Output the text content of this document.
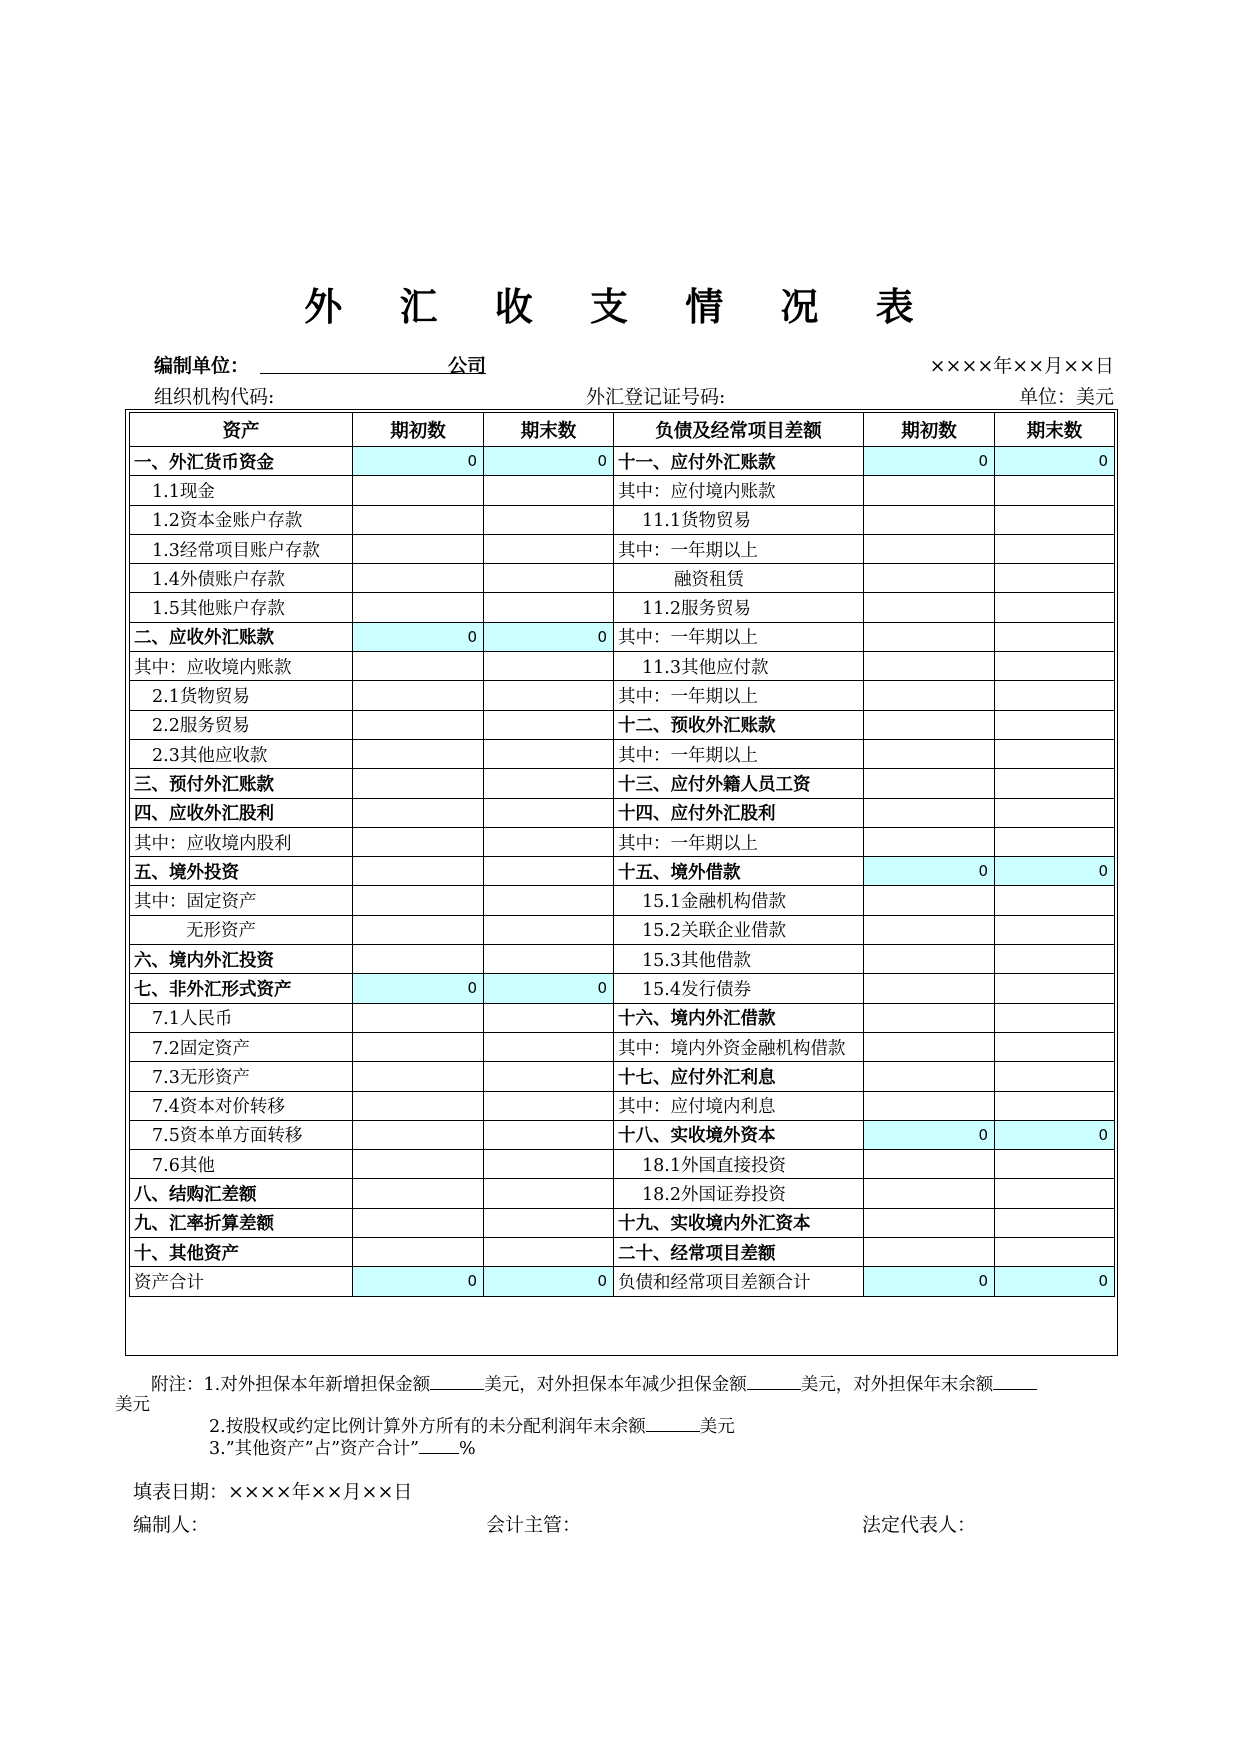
外 汇 收 支 情 况 表
编制单位：	公司	××××年××月××日
组织机构代码:	外汇登记证号码:	单位：美元
资产	期初数	期末数	负债及经常项目差额	期初数	期末数
一、外汇货币资金	0	0	十一、应付外汇账款	0	0
1.1现金			其中：应付境内账款		
1.2资本金账户存款			11.1货物贸易		
1.3经常项目账户存款			其中：一年期以上		
1.4外债账户存款			融资租赁		
1.5其他账户存款			11.2服务贸易		
二、应收外汇账款	0	0	其中：一年期以上		
其中：应收境内账款			11.3其他应付款		
2.1货物贸易			其中：一年期以上		
2.2服务贸易			十二、预收外汇账款		
2.3其他应收款			其中：一年期以上		
三、预付外汇账款			十三、应付外籍人员工资		
四、应收外汇股利			十四、应付外汇股利		
其中：应收境内股利			其中：一年期以上		
五、境外投资			十五、境外借款	0	0
其中：固定资产			15.1金融机构借款		
无形资产			15.2关联企业借款		
六、境内外汇投资			15.3其他借款		
七、非外汇形式资产	0	0	15.4发行债券		
7.1人民币			十六、境内外汇借款		
7.2固定资产			其中：境内外资金融机构借款		
7.3无形资产			十七、应付外汇利息		
7.4资本对价转移			其中：应付境内利息		
7.5资本单方面转移			十八、实收境外资本	0	0
7.6其他			18.1外国直接投资		
八、结购汇差额			18.2外国证券投资		
九、汇率折算差额			十九、实收境内外汇资本		
十、其他资产			二十、经常项目差额		
资产合计	0	0	负债和经常项目差额合计	0	0
附注：1.对外担保本年新增担保金额	美元，对外担保本年减少担保金额	美元，对外担保年末余额
美元
2.按股权或约定比例计算外方所有的未分配利润年末余额	美元
3.”其他资产”占”资产合计” %
填表日期：××××年××月××日
编制人：	会计主管：	法定代表人：
